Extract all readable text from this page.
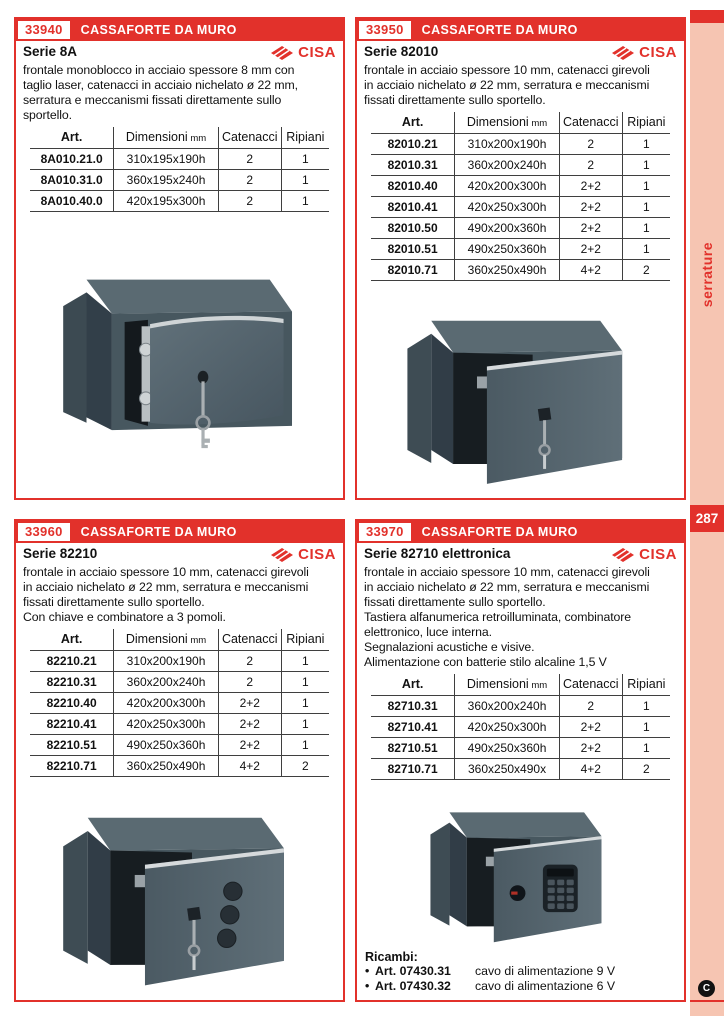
33940	CASSAFORTE DA MURO
Serie 8A	CISA
frontale monoblocco in acciaio spessore 8 mm con
taglio laser, catenacci in acciaio nichelato ø 22 mm,
serratura e meccanismi fissati direttamente sullo
sportello.
Art.	Dimensioni mm	Catenacci	Ripiani
8A010.21.0	310x195x190h	2	1
8A010.31.0	360x195x240h	2	1
8A010.40.0	420x195x300h	2	1
33950	CASSAFORTE DA MURO
Serie 82010	CISA
frontale in acciaio spessore 10 mm, catenacci girevoli
in acciaio nichelato ø 22 mm, serratura e meccanismi
fissati direttamente sullo sportello.
Art.	Dimensioni mm	Catenacci	Ripiani
82010.21	310x200x190h	2	1
82010.31	360x200x240h	2	1
82010.40	420x200x300h	2+2	1
82010.41	420x250x300h	2+2	1
82010.50	490x200x360h	2+2	1
82010.51	490x250x360h	2+2	1
82010.71	360x250x490h	4+2	2
33960	CASSAFORTE DA MURO
Serie 82210	CISA
frontale in acciaio spessore 10 mm, catenacci girevoli
in acciaio nichelato ø 22 mm, serratura e meccanismi
fissati direttamente sullo sportello.
Con chiave e combinatore a 3 pomoli.
Art.	Dimensioni mm	Catenacci	Ripiani
82210.21	310x200x190h	2	1
82210.31	360x200x240h	2	1
82210.40	420x200x300h	2+2	1
82210.41	420x250x300h	2+2	1
82210.51	490x250x360h	2+2	1
82210.71	360x250x490h	4+2	2
33970	CASSAFORTE DA MURO
Serie 82710 elettronica	CISA
frontale in acciaio spessore 10 mm, catenacci girevoli
in acciaio nichelato ø 22 mm, serratura e meccanismi
fissati direttamente sullo sportello.
Tastiera alfanumerica retroilluminata, combinatore
elettronico, luce interna.
Segnalazioni acustiche e visive.
Alimentazione con batterie stilo alcaline 1,5 V
Art.	Dimensioni mm	Catenacci	Ripiani
82710.31	360x200x240h	2	1
82710.41	420x250x300h	2+2	1
82710.51	490x250x360h	2+2	1
82710.71	360x250x490x	4+2	2
Ricambi:
• Art. 07430.31	cavo di alimentazione 9 V
• Art. 07430.32	cavo di alimentazione 6 V
serrature
287
C
